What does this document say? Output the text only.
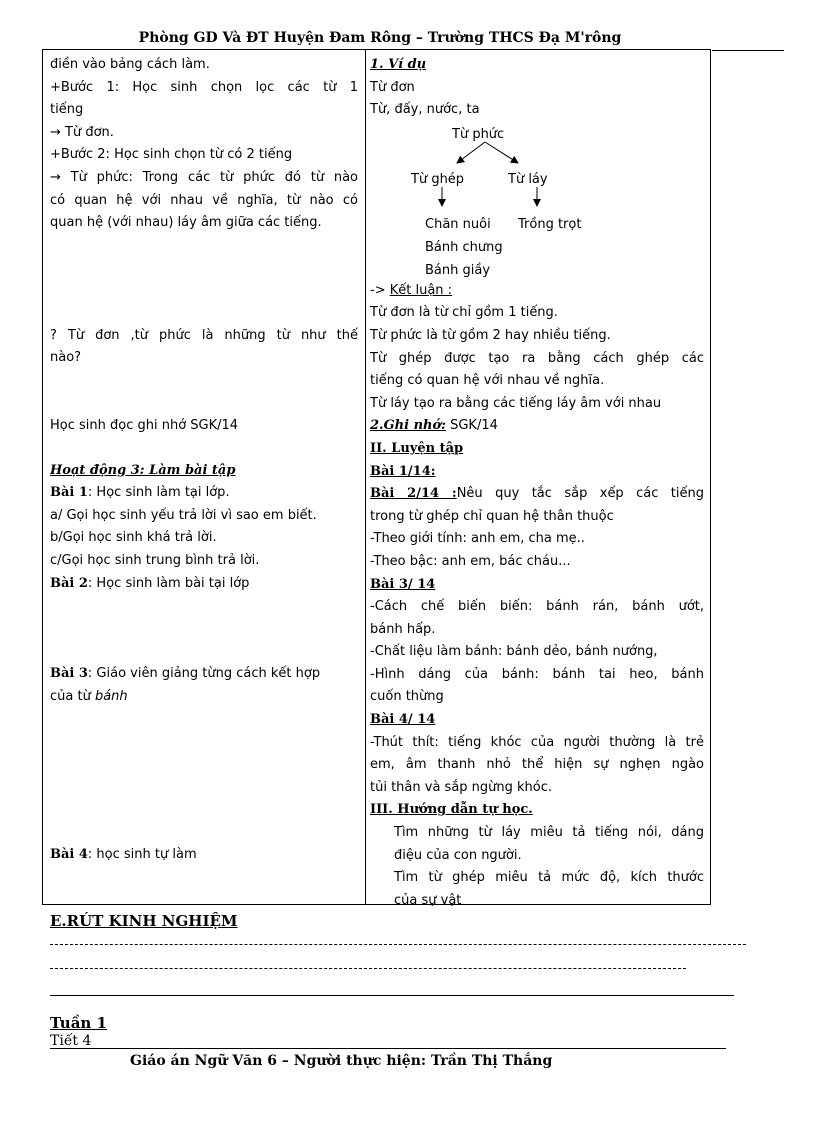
Phòng GD Và ĐT Huyện Đam Rông – Trường THCS Đạ M'rông

điền vào bảng cách làm.

+Bước 1: Học sinh chọn lọc các từ 1

tiếng

→ Từ đơn.

+Bước 2: Học sinh chọn từ có 2 tiếng

→ Từ phức: Trong các từ phức đó từ nào

có quan hệ với nhau về nghĩa, từ nào có

quan hệ (với nhau) láy âm giữa các tiếng.

? Từ đơn ,từ phức là những từ như thế

nào?

Học sinh đọc ghi nhớ SGK/14

Hoạt động 3: Làm bài tập

Bài 1: Học sinh làm tại lớp.

a/ Gọi học sinh yếu trả lời vì sao em biết.

b/Gọi học sinh khá trả lời.

c/Gọi học sinh trung bình trả lời.

Bài 2: Học sinh làm bài tại lớp

Bài 3: Giáo viên giảng từng cách kết hợp

của từ bánh

Bài 4: học sinh tự làm

1. Ví dụ

Từ đơn

Từ, đấy, nước, ta

Từ phức
Từ ghép	Từ láy
Chăn nuôi Trồng trọt
Bánh chưng
Bánh giầy

-> Kết luận :

Từ đơn là từ chỉ gồm 1 tiếng.

Từ phức là từ gồm 2 hay nhiều tiếng.

Từ ghép được tạo ra bằng cách ghép các

tiếng có quan hệ với nhau về nghĩa.

Từ láy tạo ra bằng các tiếng láy âm với nhau

2.Ghi nhớ: SGK/14

II. Luyện tập

Bài 1/14:

Bài 2/14 :Nêu quy tắc sắp xếp các tiếng

trong từ ghép chỉ quan hệ thân thuộc

-Theo giới tính: anh em, cha mẹ..

-Theo bậc: anh em, bác cháu...

Bài 3/ 14

-Cách chế biến biến: bánh rán, bánh ướt,

bánh hấp.

-Chất liệu làm bánh: bánh dẻo, bánh nướng,

-Hình dáng của bánh: bánh tai heo, bánh

cuốn thừng

Bài 4/ 14

-Thút thít: tiếng khóc của người thường là trẻ

em, âm thanh nhỏ thể hiện sự nghẹn ngào

tủi thân và sắp ngừng khóc.

III. Hướng dẫn tự học.

Tìm những từ láy miêu tả tiếng nói, dáng

điệu của con người.

Tìm từ ghép miêu tả mức độ, kích thước

của sự vật

E.RÚT KINH NGHIỆM
Tuần 1
Tiết 4
Giáo án Ngữ Văn 6 – Người thực hiện: Trần Thị Thắng
